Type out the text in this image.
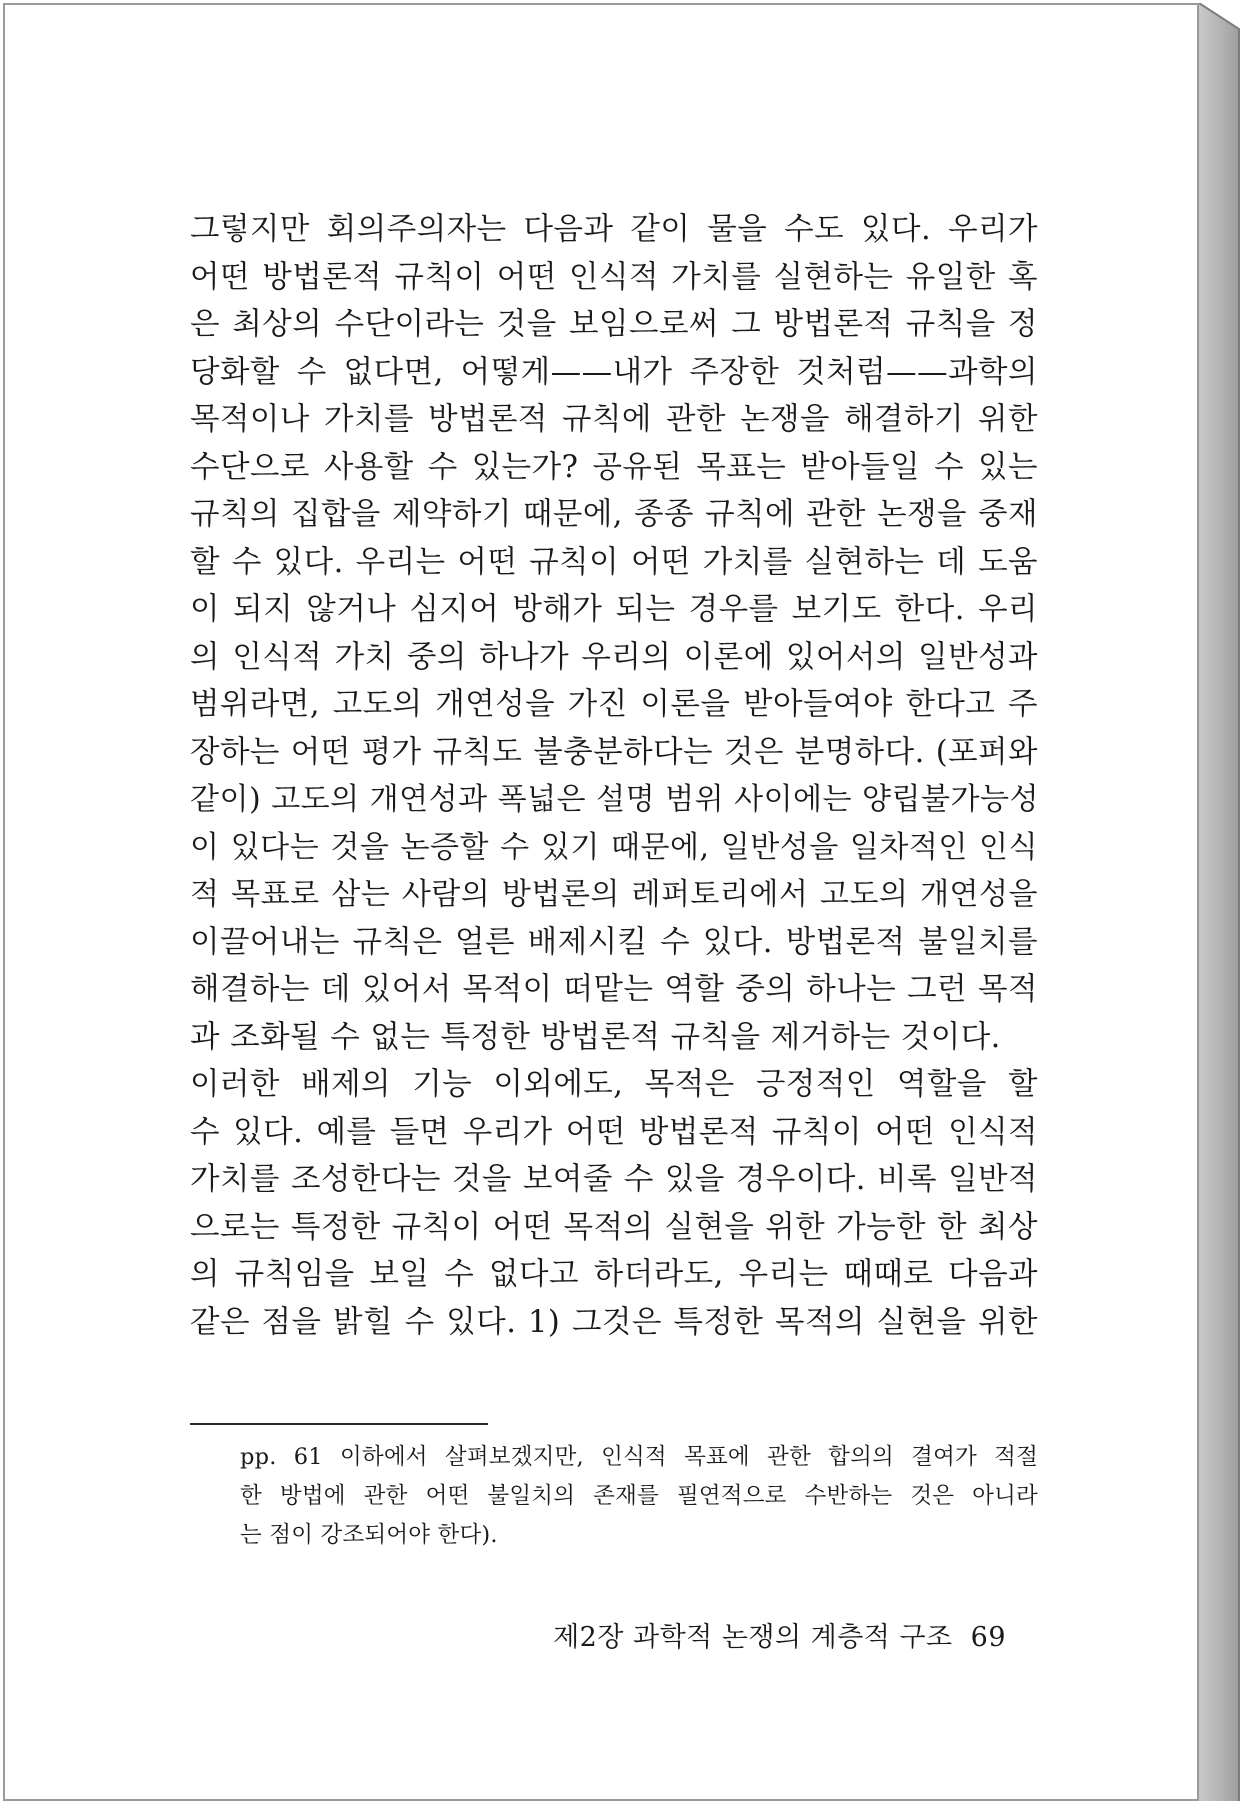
그렇지만 회의주의자는 다음과 같이 물을 수도 있다. 우리가
어떤 방법론적 규칙이 어떤 인식적 가치를 실현하는 유일한 혹
은 최상의 수단이라는 것을 보임으로써 그 방법론적 규칙을 정
당화할 수 없다면, 어떻게——내가 주장한 것처럼——과학의
목적이나 가치를 방법론적 규칙에 관한 논쟁을 해결하기 위한
수단으로 사용할 수 있는가? 공유된 목표는 받아들일 수 있는
규칙의 집합을 제약하기 때문에, 종종 규칙에 관한 논쟁을 중재
할 수 있다. 우리는 어떤 규칙이 어떤 가치를 실현하는 데 도움
이 되지 않거나 심지어 방해가 되는 경우를 보기도 한다. 우리
의 인식적 가치 중의 하나가 우리의 이론에 있어서의 일반성과
범위라면, 고도의 개연성을 가진 이론을 받아들여야 한다고 주
장하는 어떤 평가 규칙도 불충분하다는 것은 분명하다. (포퍼와
같이) 고도의 개연성과 폭넓은 설명 범위 사이에는 양립불가능성
이 있다는 것을 논증할 수 있기 때문에, 일반성을 일차적인 인식
적 목표로 삼는 사람의 방법론의 레퍼토리에서 고도의 개연성을
이끌어내는 규칙은 얼른 배제시킬 수 있다. 방법론적 불일치를
해결하는 데 있어서 목적이 떠맡는 역할 중의 하나는 그런 목적
과 조화될 수 없는 특정한 방법론적 규칙을 제거하는 것이다.

이러한 배제의 기능 이외에도, 목적은 긍정적인 역할을 할
수 있다. 예를 들면 우리가 어떤 방법론적 규칙이 어떤 인식적
가치를 조성한다는 것을 보여줄 수 있을 경우이다. 비록 일반적
으로는 특정한 규칙이 어떤 목적의 실현을 위한 가능한 한 최상
의 규칙임을 보일 수 없다고 하더라도, 우리는 때때로 다음과
같은 점을 밝힐 수 있다. 1) 그것은 특정한 목적의 실현을 위한

pp. 61 이하에서 살펴보겠지만, 인식적 목표에 관한 합의의 결여가 적절
한 방법에 관한 어떤 불일치의 존재를 필연적으로 수반하는 것은 아니라
는 점이 강조되어야 한다).
제2장 과학적 논쟁의 계층적 구조 69
